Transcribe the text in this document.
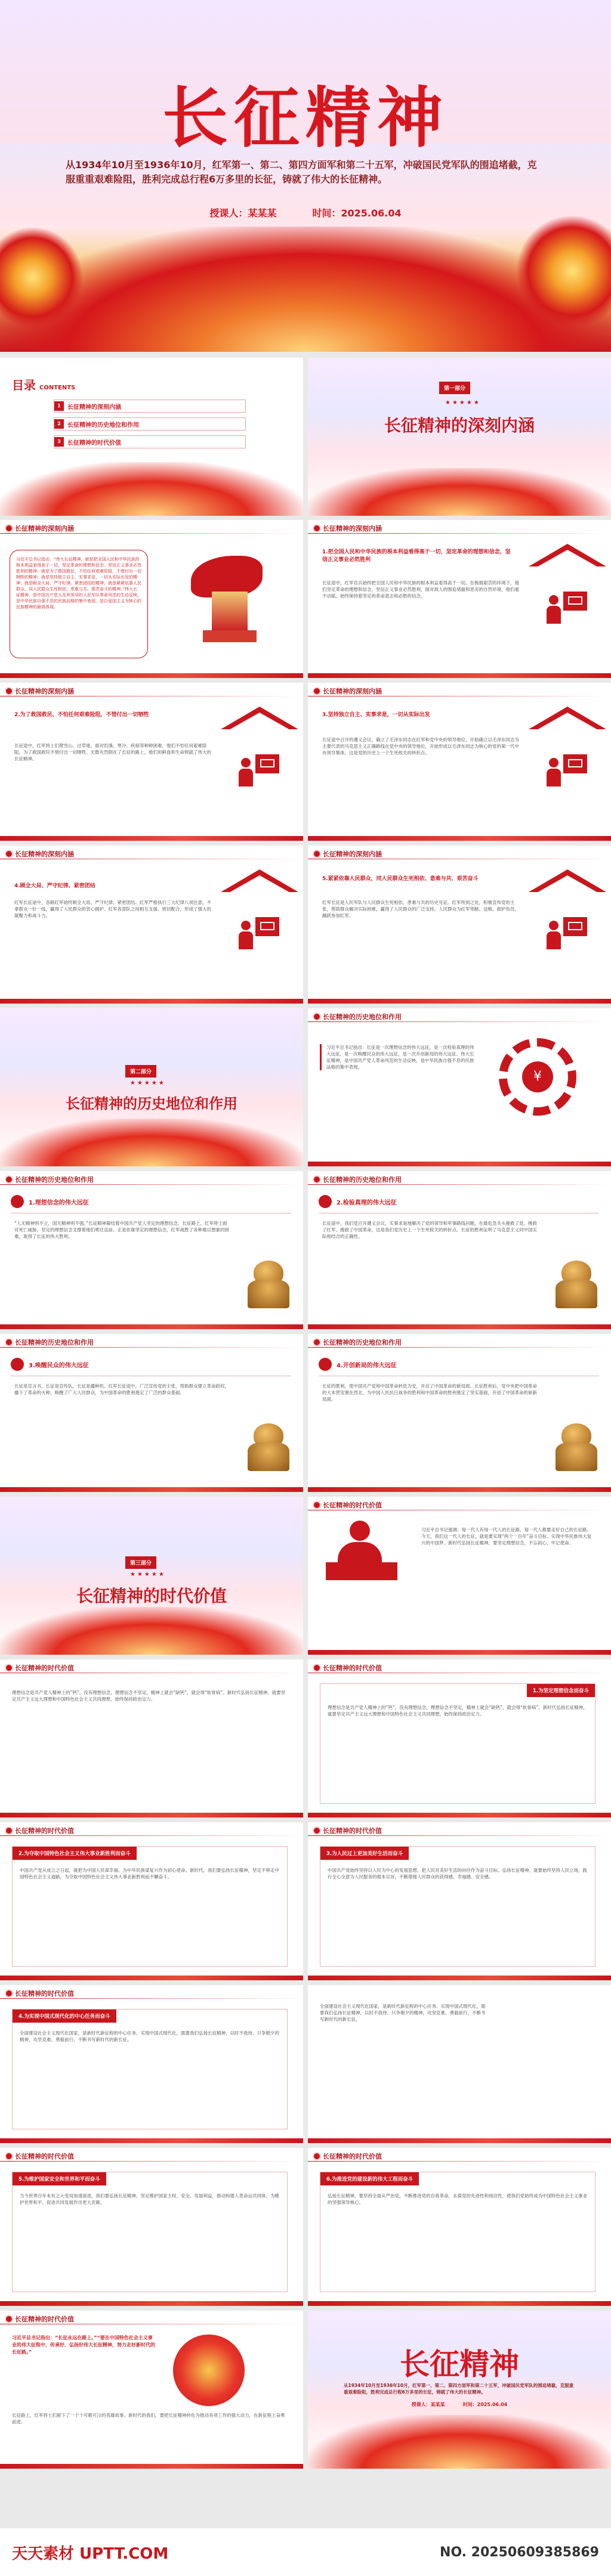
长征精神
从1934年10月至1936年10月，红军第一、第二、第四方面军和第二十五军，冲破国民党军队的围追堵截，克服重重艰难险阻，胜利完成总行程6万多里的长征，铸就了伟大的长征精神。
授课人：某某某	时间：2025.06.04
目录 CONTENTS
1	长征精神的深刻内涵
2	长征精神的历史地位和作用
3	长征精神的时代价值
第一部分
★★★★★
长征精神的深刻内涵
长征精神的深刻内涵
习近平总书记指出：“伟大长征精神，就是把全国人民和中华民族的根本利益看得高于一切，坚定革命的理想和信念，坚信正义事业必然胜利的精神；就是为了救国救民，不怕任何艰难险阻，不惜付出一切牺牲的精神；就是坚持独立自主、实事求是，一切从实际出发的精神；就是顾全大局、严守纪律、紧密团结的精神；就是紧紧依靠人民群众，同人民群众生死相依、患难与共、艰苦奋斗的精神。”伟大长征精神，是中国共产党人及其领导的人民军队革命风范的生动反映，是中华民族自强不息的民族品格的集中表现，是以爱国主义为核心的民族精神的最高体现。
长征精神的深刻内涵
1.把全国人民和中华民族的根本利益看得高于一切，坚定革命的理想和信念，坚信正义事业必然胜利
长征途中，红军官兵始终把全国人民和中华民族的根本利益看得高于一切。在极端艰苦的环境下，他们坚定革命的理想和信念，坚信正义事业必然胜利，面对敌人的围追堵截和恶劣的自然环境，他们毫不动摇，始终保持着坚定的革命意志和必胜的信念。
长征精神的深刻内涵
2.为了救国救民，不怕任何艰难险阻，不惜付出一切牺牲
长征途中，红军将士们爬雪山、过草地，面对饥饿、寒冷、疾病等种种困难，他们不怕任何艰难险阻，为了救国救民不惜付出一切牺牲。无数先烈倒在了长征的路上，他们用鲜血和生命铸就了伟大的长征精神。
长征精神的深刻内涵
3.坚持独立自主、实事求是，一切从实际出发
长征途中召开的遵义会议，确立了毛泽东同志在红军和党中央的领导地位，开始确立以毛泽东同志为主要代表的马克思主义正确路线在党中央的领导地位，开始形成以毛泽东同志为核心的党的第一代中央领导集体，这是党的历史上一个生死攸关的转折点。
长征精神的深刻内涵
4.顾全大局、严守纪律、紧密团结
红军长征途中，各路红军始终顾全大局、严守纪律、紧密团结。红军严格执行三大纪律八项注意，不拿群众一针一线，赢得了人民群众的衷心拥护。红军各部队之间相互支援、密切配合，形成了强大的凝聚力和战斗力。
长征精神的深刻内涵
5.紧紧依靠人民群众，同人民群众生死相依、患难与共、艰苦奋斗
红军长征是人民军队与人民群众生死相依、患难与共的历史见证。红军所到之处，积极宣传党的主张，帮助群众解决实际困难，赢得了人民群众的广泛支持，人民群众为红军带路、送粮、救护伤员，踊跃参加红军。
第二部分
★★★★★
长征精神的历史地位和作用
长征精神的历史地位和作用
习近平总书记指出：长征是一次理想信念的伟大远征，是一次检验真理的伟大远征，是一次唤醒民众的伟大远征，是一次开创新局的伟大远征。伟大长征精神，是中国共产党人革命风范的生动反映，是中华民族自强不息的民族品格的集中表现。
¥
长征精神的历史地位和作用
1.理想信念的伟大远征
“人无精神则不立，国无精神则不强。”长征精神凝结着中国共产党人坚定的理想信念，长征路上，红军将士面对死亡威胁，坚定的理想信念支撑着他们勇往直前。正是依靠坚定的理想信念，红军战胜了各种难以想象的困难，取得了长征的伟大胜利。
长征精神的历史地位和作用
2.检验真理的伟大远征
长征途中，我们党召开遵义会议，实事求是地解决了党的领导和军事路线问题，在最危急关头挽救了党、挽救了红军、挽救了中国革命，这是我们党历史上一个生死攸关的转折点。长征的胜利证明了马克思主义同中国实际相结合的正确性。
长征精神的历史地位和作用
3.唤醒民众的伟大远征
长征是宣言书，长征是宣传队，长征是播种机。红军长征途中，广泛宣传党的主张，帮助群众建立革命政权，播下了革命的火种，唤醒了广大人民群众，为中国革命的胜利奠定了广泛的群众基础。
长征精神的历史地位和作用
4.开创新局的伟大远征
长征的胜利，使中国共产党和中国革命转危为安，开启了中国革命的新局面。长征胜利后，党中央把中国革命的大本营安置在西北，为中国人民抗日战争的胜利和中国革命的胜利奠定了坚实基础，开创了中国革命的崭新局面。
第三部分
★★★★★
长征精神的时代价值
长征精神的时代价值
习近平总书记强调：每一代人有每一代人的长征路，每一代人都要走好自己的长征路。今天，我们这一代人的长征，就是要实现“两个一百年”奋斗目标、实现中华民族伟大复兴的中国梦。新时代弘扬长征精神，要坚定理想信念，不忘初心，牢记使命。
长征精神的时代价值
理想信念是共产党人精神上的“钙”，没有理想信念，理想信念不坚定，精神上就会“缺钙”，就会得“软骨病”。新时代弘扬长征精神，就要坚定共产主义远大理想和中国特色社会主义共同理想，始终保持政治定力。
长征精神的时代价值
1.为坚定理想信念而奋斗
理想信念是共产党人精神上的“钙”，没有理想信念，理想信念不坚定，精神上就会“缺钙”，就会得“软骨病”。新时代弘扬长征精神，就要坚定共产主义远大理想和中国特色社会主义共同理想，始终保持政治定力。
长征精神的时代价值
2.为夺取中国特色社会主义伟大事业新胜利而奋斗
中国共产党从成立之日起，就把为中国人民谋幸福、为中华民族谋复兴作为初心使命。新时代，我们要弘扬长征精神，坚定不移走中国特色社会主义道路，为夺取中国特色社会主义伟大事业新胜利而不懈奋斗。
长征精神的时代价值
3.为人民过上更加美好生活而奋斗
中国共产党始终坚持以人民为中心的发展思想，把人民对美好生活的向往作为奋斗目标。弘扬长征精神，就要始终坚持人民立场，践行全心全意为人民服务的根本宗旨，不断增强人民群众的获得感、幸福感、安全感。
长征精神的时代价值
4.为实现中国式现代化的中心任务而奋斗
全面建设社会主义现代化国家，是新时代新征程的中心任务。实现中国式现代化，需要我们弘扬长征精神，以时不我待、只争朝夕的精神，攻坚克难、勇毅前行，不断书写新时代的新长征。
全面建设社会主义现代化国家，是新时代新征程的中心任务。实现中国式现代化，需要我们弘扬长征精神，以时不我待、只争朝夕的精神，攻坚克难、勇毅前行，不断书写新时代的新长征。
长征精神的时代价值
5.为维护国家安全和世界和平而奋斗
当今世界百年未有之大变局加速演进，我们要弘扬长征精神，坚定维护国家主权、安全、发展利益，推动构建人类命运共同体，为维护世界和平、促进共同发展作出更大贡献。
长征精神的时代价值
6.为推进党的建设新的伟大工程而奋斗
弘扬长征精神，要坚持全面从严治党，不断推进党的自我革命，永葆党的先进性和纯洁性，使我们党始终成为中国特色社会主义事业的坚强领导核心。
长征精神的时代价值
习近平总书记指出：“长征永远在路上。”“要在中国特色社会主义事业的伟大征程中，传承好、弘扬好伟大长征精神，努力走好新时代的长征路。”
长征路上，红军将士们留下了一个个可歌可泣的英雄故事。新时代的我们，要把长征精神转化为推动各项工作的强大动力，在新征程上奋勇前进。
长征精神
从1934年10月至1936年10月，红军第一、第二、第四方面军和第二十五军，冲破国民党军队的围追堵截，克服重重艰难险阻，胜利完成总行程6万多里的长征，铸就了伟大的长征精神。
授课人：某某某	时间：2025.06.04
天天素材 UPTT.COM	NO. 20250609385869
